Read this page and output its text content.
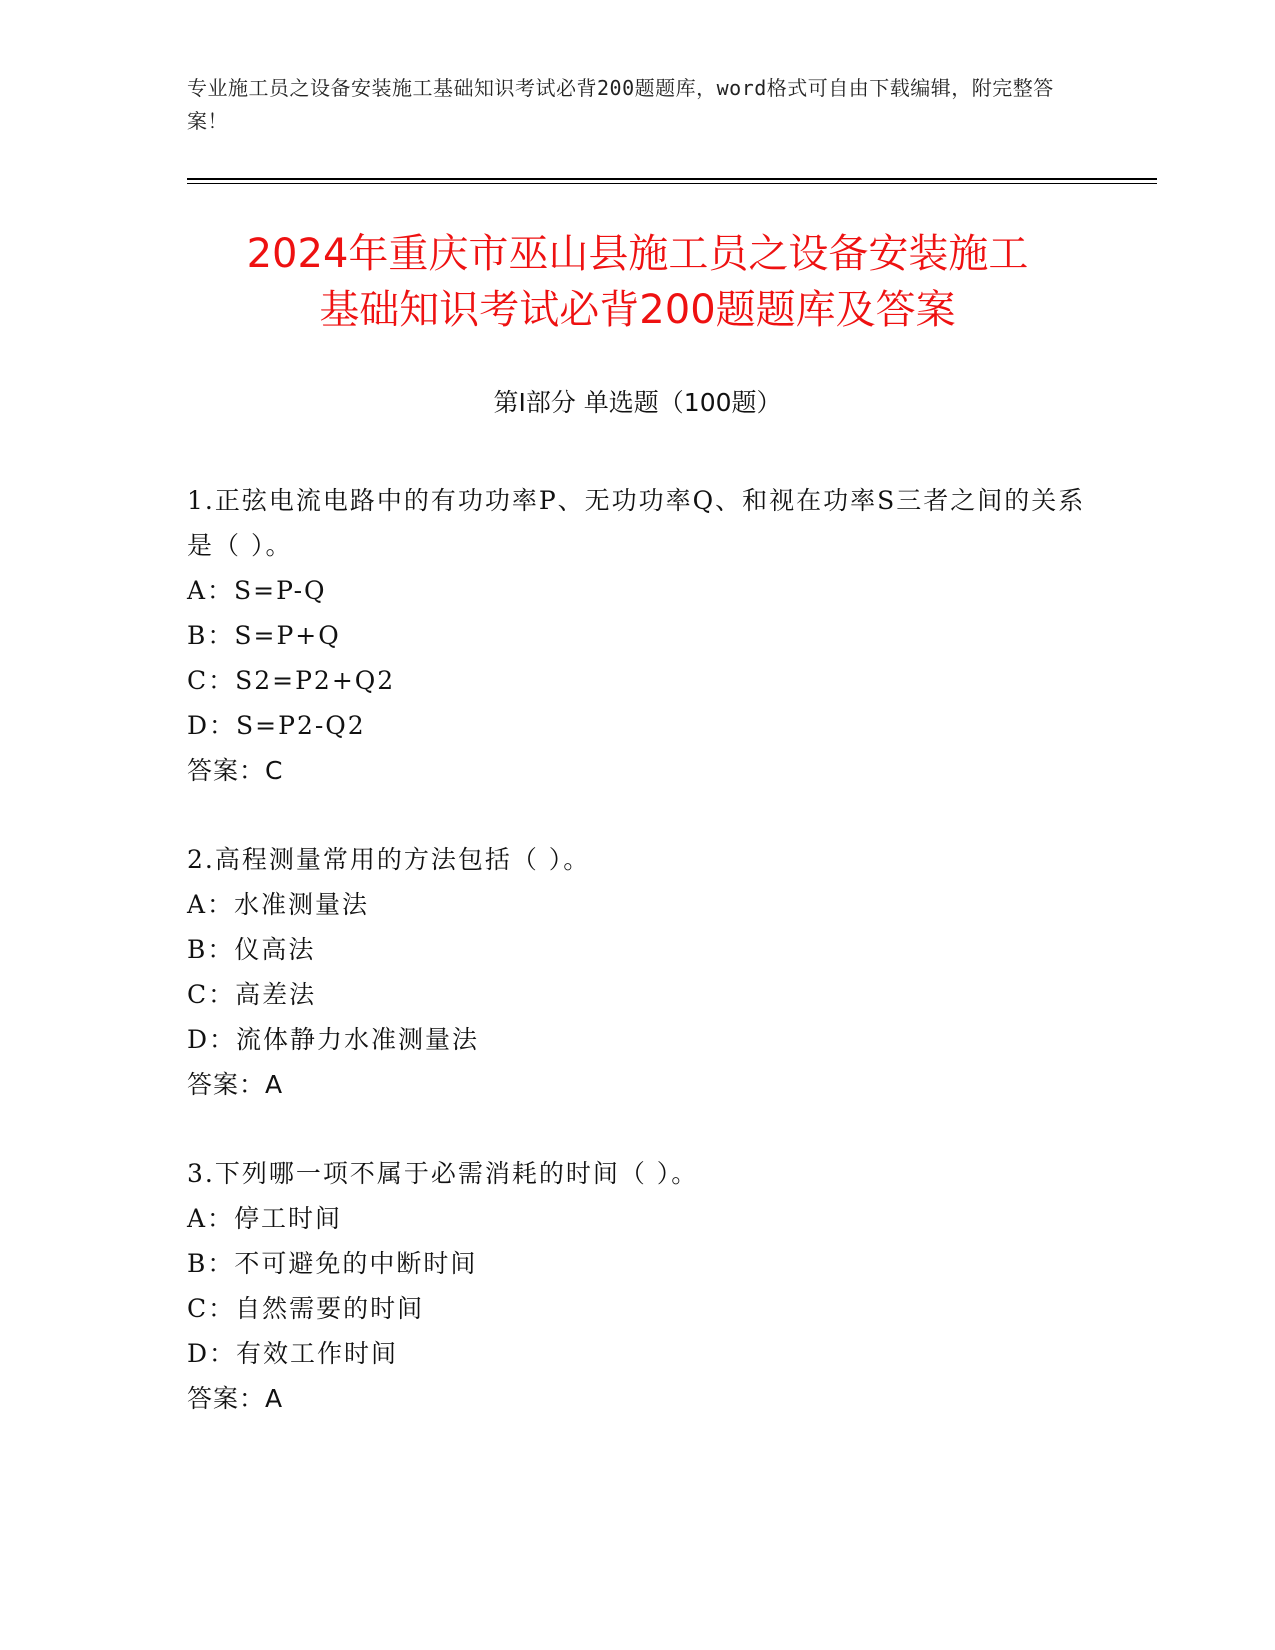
专业施工员之设备安装施工基础知识考试必背200题题库，word格式可自由下载编辑，附完整答案！
2024年重庆市巫山县施工员之设备安装施工
基础知识考试必背200题题库及答案
第Ⅰ部分 单选题（100题）
1.正弦电流电路中的有功功率P、无功功率Q、和视在功率S三者之间的关系是（ ）。
A：S=P-Q
B：S=P+Q
C：S2=P2+Q2
D：S=P2-Q2
答案：C
2.高程测量常用的方法包括（ ）。
A：水准测量法
B：仪高法
C：高差法
D：流体静力水准测量法
答案：A
3.下列哪一项不属于必需消耗的时间（ ）。
A：停工时间
B：不可避免的中断时间
C：自然需要的时间
D：有效工作时间
答案：A
